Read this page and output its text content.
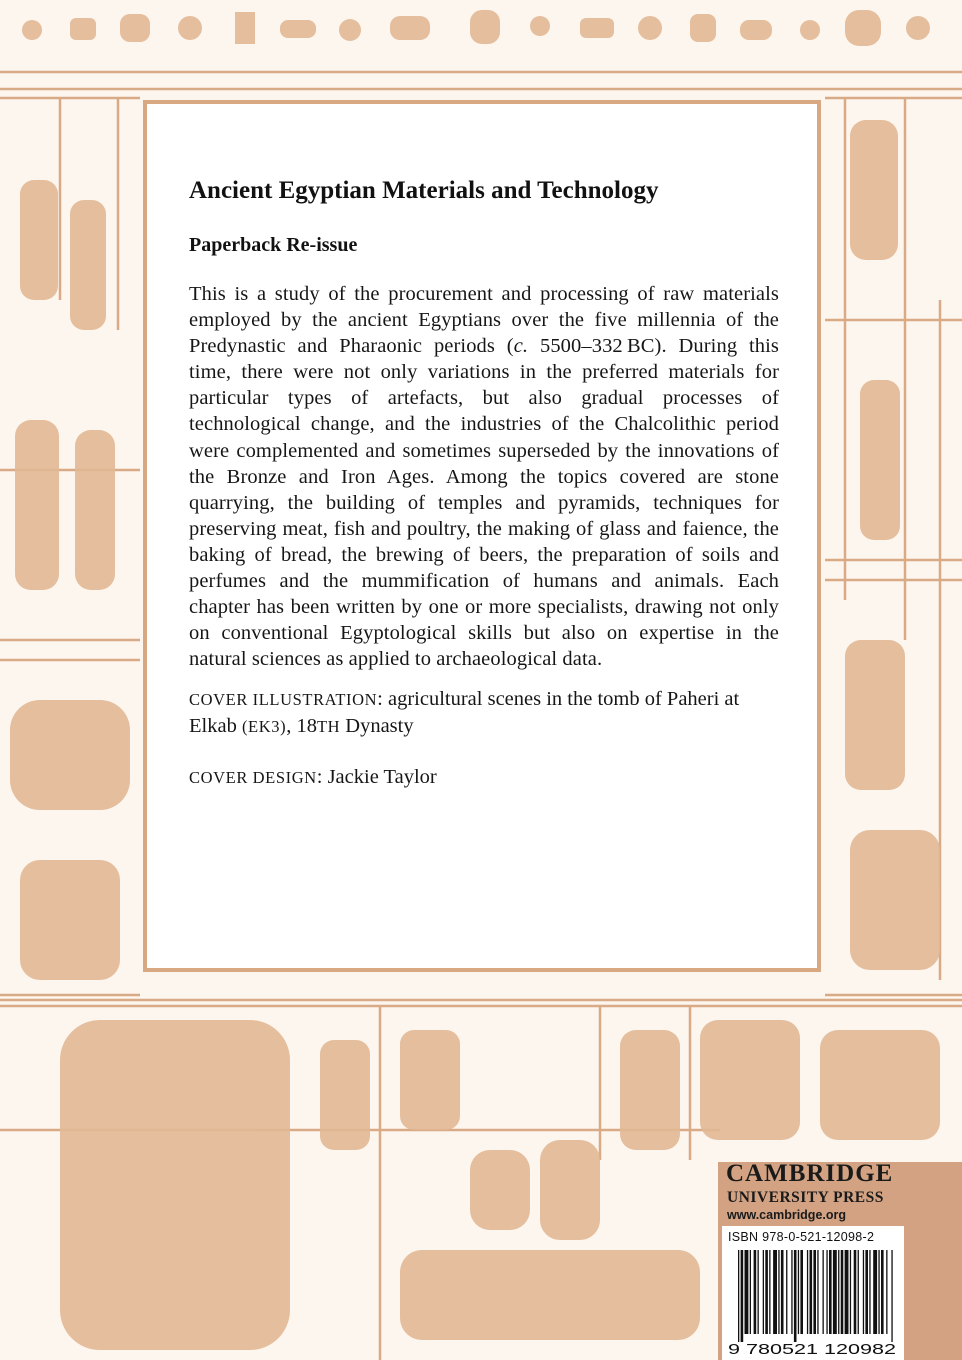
Ancient Egyptian Materials and Technology
Paperback Re-issue

This is a study of the procurement and processing of raw materials employed by the ancient Egyptians over the five millennia of the Predynastic and Pharaonic periods (c. 5500–332 BC). During this time, there were not only variations in the preferred materials for particular types of artefacts, but also gradual processes of technological change, and the industries of the Chalcolithic period were complemented and sometimes superseded by the innovations of the Bronze and Iron Ages. Among the topics covered are stone quarrying, the building of temples and pyramids, techniques for preserving meat, fish and poultry, the making of glass and faience, the baking of bread, the brewing of beers, the preparation of soils and perfumes and the mummification of humans and animals. Each chapter has been written by one or more specialists, drawing not only on conventional Egyptological skills but also on expertise in the natural sciences as applied to archaeological data.

COVER ILLUSTRATION: agricultural scenes in the tomb of Paheri at Elkab (EK3), 18TH Dynasty
COVER DESIGN: Jackie Taylor
CAMBRIDGE
UNIVERSITY PRESS
www.cambridge.org
ISBN 978-0-521-12098-2
9 780521 120982
